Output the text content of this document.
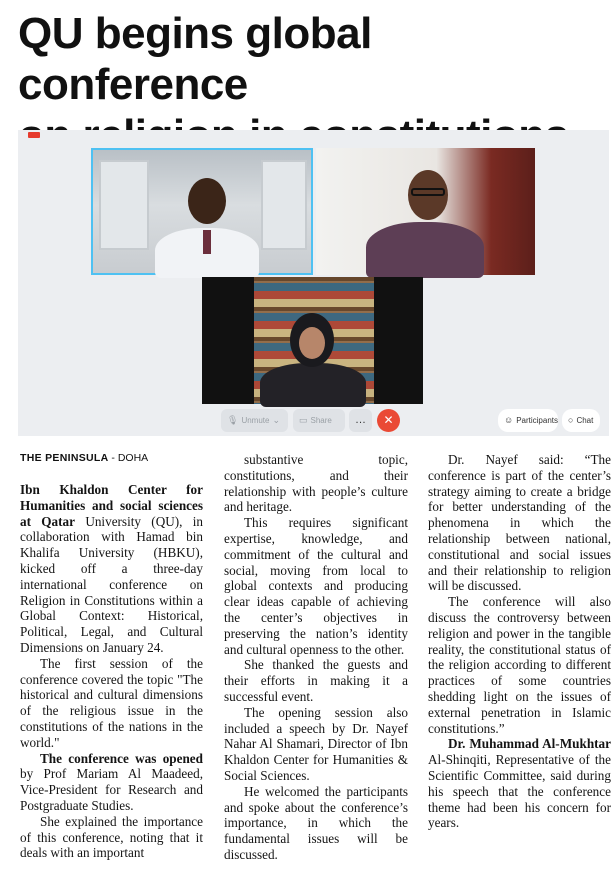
QU begins global conference
🎙︎ Unmute ⌄ ▭ Share …	✕	☺ Participants ○ Chat
THE PENINSULA - DOHA

Ibn Khaldon Center for Humanities and social sciences at Qatar University (QU), in collaboration with Hamad bin Khalifa University (HBKU), kicked off a three-day international conference on Religion in Constitutions within a Global Context: Historical, Political, Legal, and Cultural Dimensions on January 24.

The first session of the conference covered the topic "The historical and cultural dimensions of the religious issue in the constitutions of the nations in the world."

The conference was opened by Prof Mariam Al Maadeed, Vice-President for Research and Postgraduate Studies.

She explained the importance of this conference, noting that it deals with an important

substantive topic, constitutions, and their relationship with people’s culture and heritage.

This requires significant expertise, knowledge, and commitment of the cultural and social, moving from local to global contexts and producing clear ideas capable of achieving the center’s objectives in preserving the nation’s identity and cultural openness to the other.

She thanked the guests and their efforts in making it a successful event.

The opening session also included a speech by Dr. Nayef Nahar Al Shamari, Director of Ibn Khaldon Center for Humanities & Social Sciences.

He welcomed the participants and spoke about the conference’s importance, in which the fundamental issues will be discussed.

Dr. Nayef said: “The conference is part of the center’s strategy aiming to create a bridge for better understanding of the phenomena in which the relationship between national, constitutional and social issues and their relationship to religion will be discussed.

The conference will also discuss the controversy between religion and power in the tangible reality, the constitutional status of the religion according to different practices of some countries shedding light on the issues of external penetration in Islamic constitutions.”

Dr. Muhammad Al-Mukhtar Al-Shinqiti, Representative of the Scientific Committee, said during his speech that the conference theme had been his concern for years.
